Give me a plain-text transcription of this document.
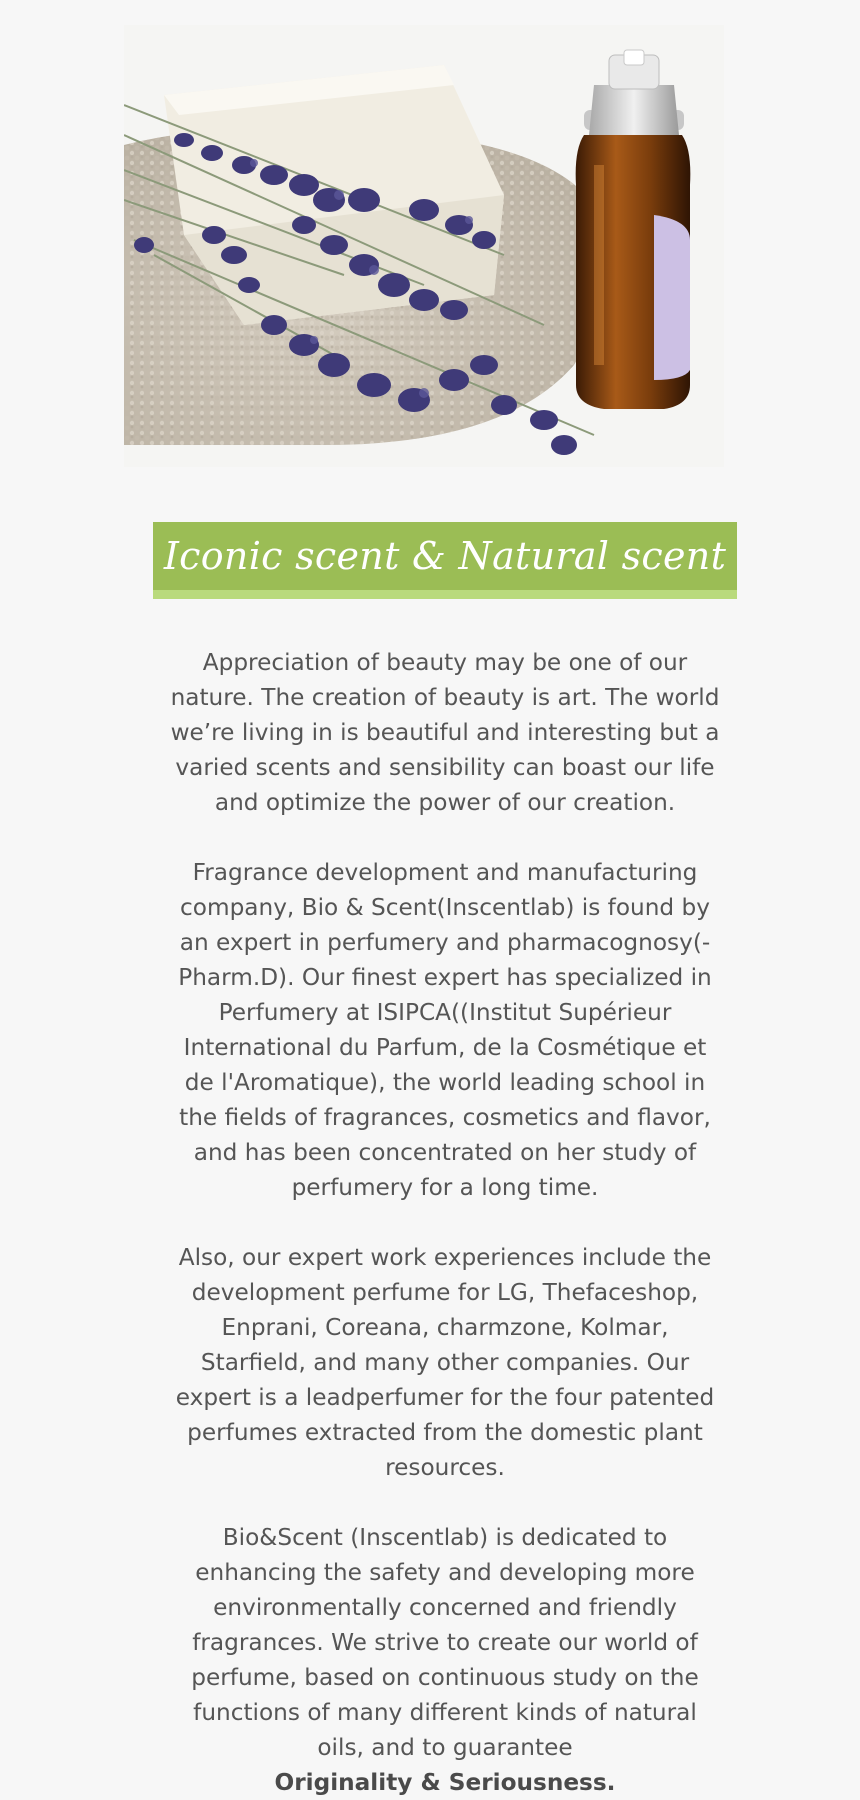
Iconic scent & Natural scent

Appreciation of beauty may be one of our nature. The creation of beauty is art. The world we’re living in is beautiful and interesting but a varied scents and sensibility can boast our life and optimize the power of our creation.

Fragrance development and manufacturing company, Bio & Scent(Inscentlab) is found by an expert in perfumery and pharmacognosy(-Pharm.D). Our finest expert has specialized in Perfumery at ISIPCA((Institut Supérieur International du Parfum, de la Cosmétique et de l'Aromatique), the world leading school in the fields of fragrances, cosmetics and flavor, and has been concentrated on her study of perfumery for a long time.

Also, our expert work experiences include the development perfume for LG, Thefaceshop, Enprani, Coreana, charmzone, Kolmar, Starfield, and many other companies. Our expert is a leadperfumer for the four patented perfumes extracted from the domestic plant resources.

Bio&Scent (Inscentlab) is dedicated to enhancing the safety and developing more environmentally concerned and friendly fragrances. We strive to create our world of perfume, based on continuous study on the functions of many different kinds of natural oils, and to guarantee
Originality & Seriousness.
